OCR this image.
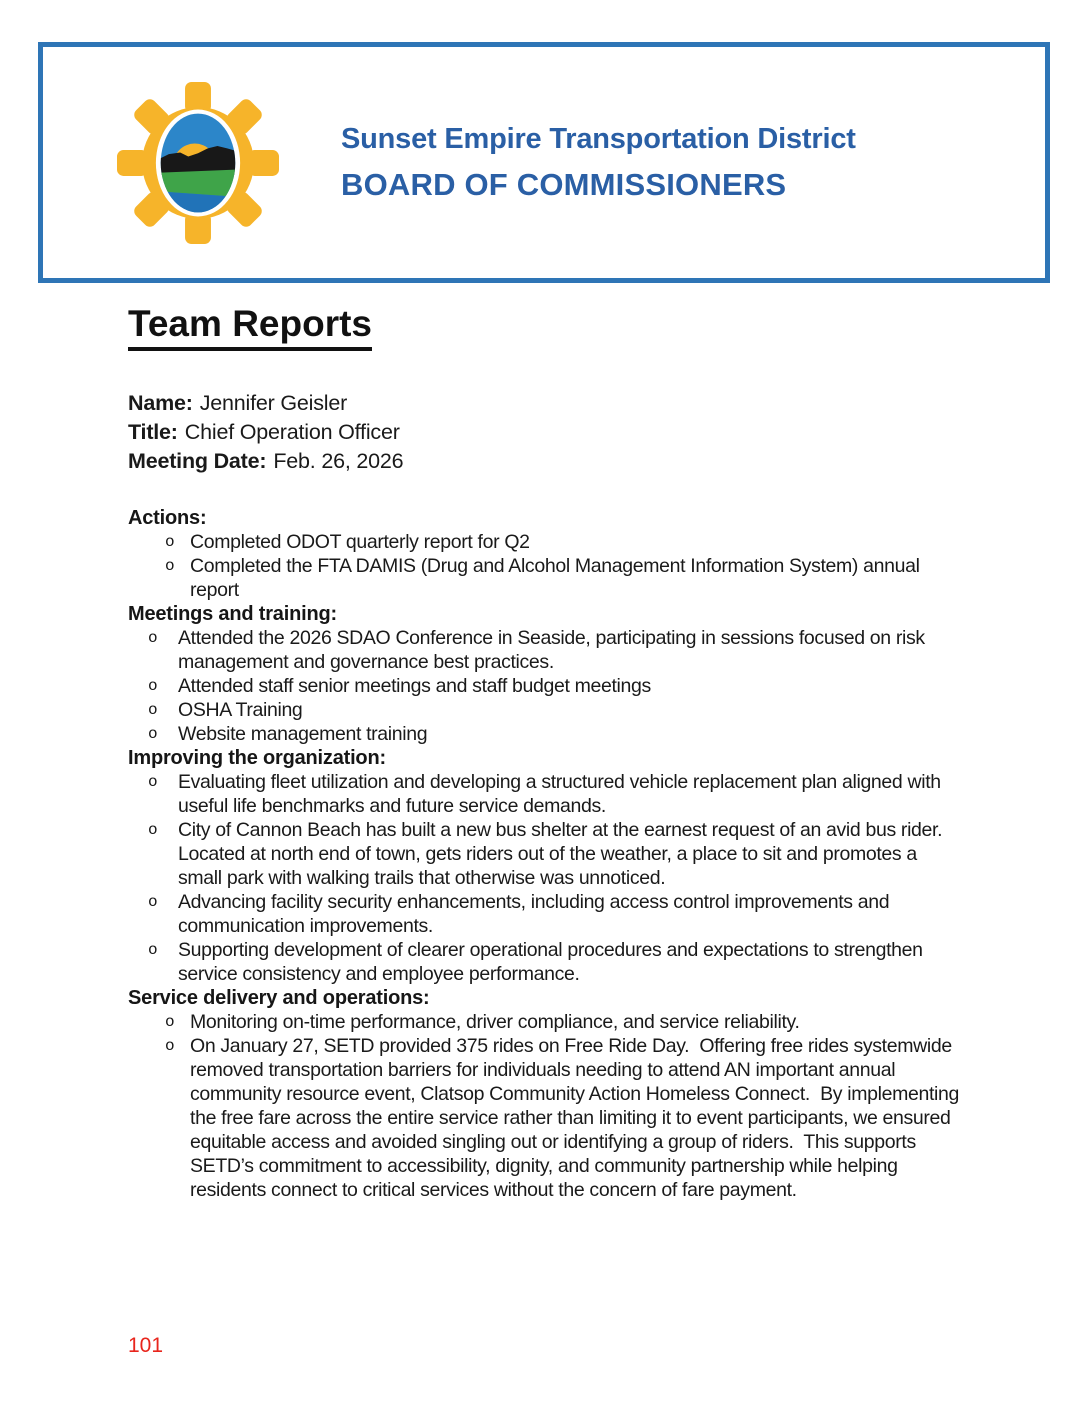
Sunset Empire Transportation District
BOARD OF COMMISSIONERS
Team Reports
Name: Jennifer Geisler
Title: Chief Operation Officer
Meeting Date: Feb. 26, 2026
Actions:
o Completed ODOT quarterly report for Q2
o Completed the FTA DAMIS (Drug and Alcohol Management Information System) annual report
Meetings and training:
o	Attended the 2026 SDAO Conference in Seaside, participating in sessions focused on risk management and governance best practices.
o	Attended staff senior meetings and staff budget meetings
o	OSHA Training
o	Website management training
Improving the organization:
o	Evaluating fleet utilization and developing a structured vehicle replacement plan aligned with useful life benchmarks and future service demands.
o	City of Cannon Beach has built a new bus shelter at the earnest request of an avid bus rider. Located at north end of town, gets riders out of the weather, a place to sit and promotes a small park with walking trails that otherwise was unnoticed.
o	Advancing facility security enhancements, including access control improvements and communication improvements.
o	Supporting development of clearer operational procedures and expectations to strengthen service consistency and employee performance.
Service delivery and operations:
o Monitoring on-time performance, driver compliance, and service reliability.
o On January 27, SETD provided 375 rides on Free Ride Day.  Offering free rides systemwide removed transportation barriers for individuals needing to attend AN important annual community resource event, Clatsop Community Action Homeless Connect.  By implementing the free fare across the entire service rather than limiting it to event participants, we ensured equitable access and avoided singling out or identifying a group of riders.  This supports SETD’s commitment to accessibility, dignity, and community partnership while helping residents connect to critical services without the concern of fare payment.
101
